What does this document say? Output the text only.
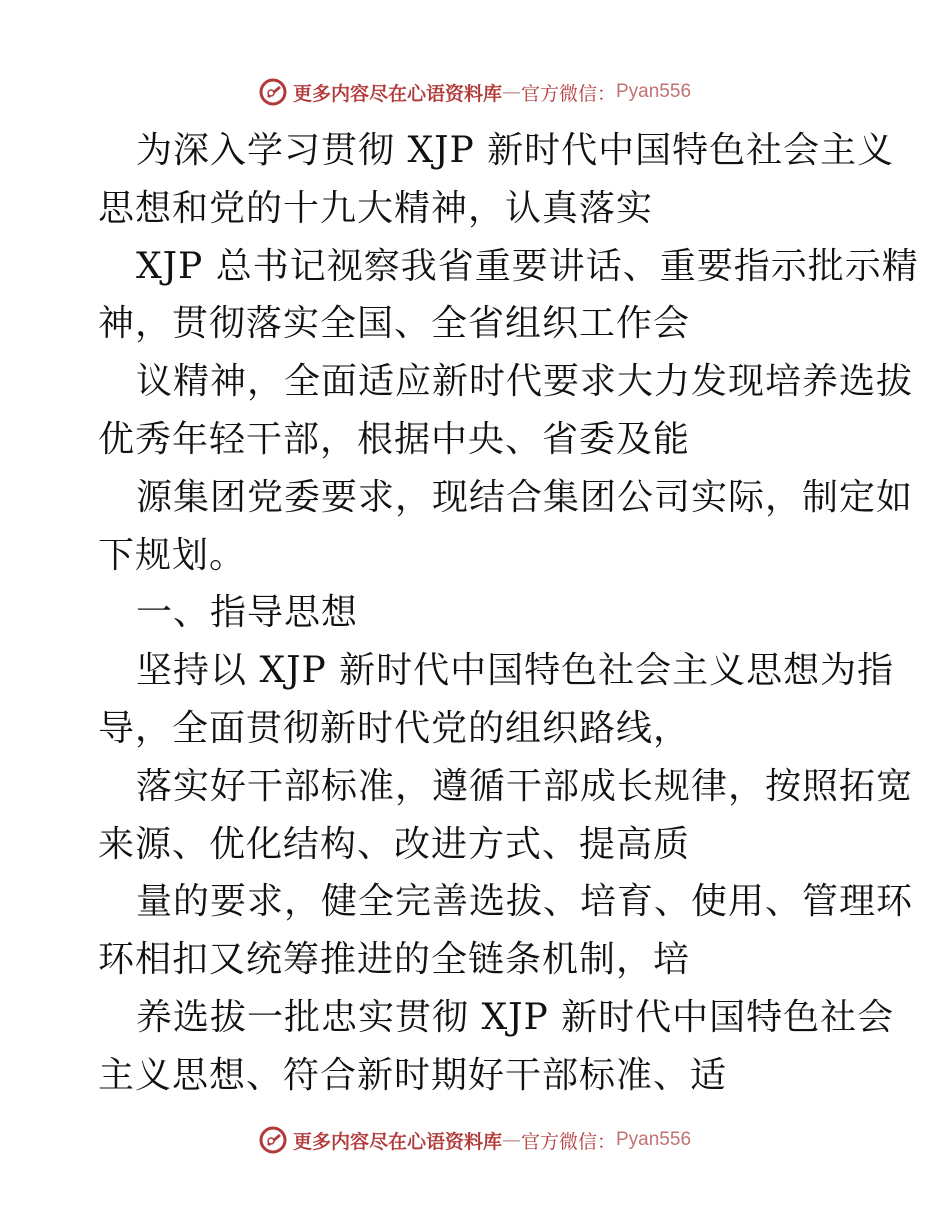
更多内容尽在心语资料库 — 官方微信： Pyan556
为深入学习贯彻 XJP 新时代中国特色社会主义
思想和党的十九大精神，认真落实
XJP 总书记视察我省重要讲话、重要指示批示精
神，贯彻落实全国、全省组织工作会
议精神，全面适应新时代要求大力发现培养选拔
优秀年轻干部，根据中央、省委及能
源集团党委要求，现结合集团公司实际，制定如
下规划。
一、指导思想
坚持以 XJP 新时代中国特色社会主义思想为指
导，全面贯彻新时代党的组织路线，
落实好干部标准，遵循干部成长规律，按照拓宽
来源、优化结构、改进方式、提高质
量的要求，健全完善选拔、培育、使用、管理环
环相扣又统筹推进的全链条机制，培
养选拔一批忠实贯彻 XJP 新时代中国特色社会
主义思想、符合新时期好干部标准、适
更多内容尽在心语资料库 — 官方微信： Pyan556
